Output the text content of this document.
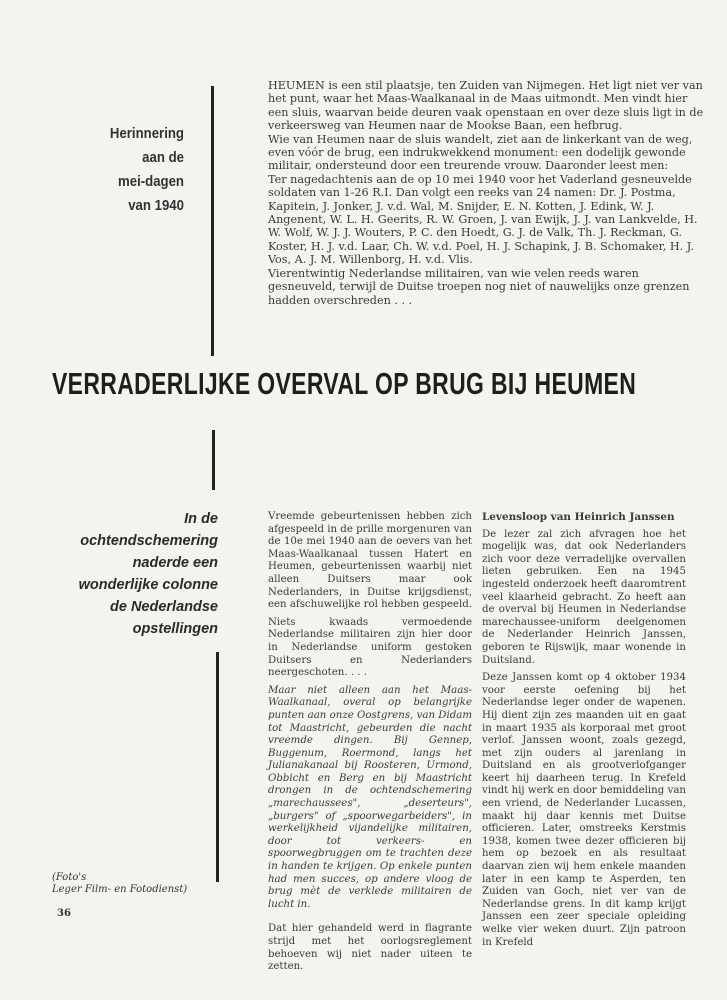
Herinnering
aan de
mei-dagen
van 1940

HEUMEN is een stil plaatsje, ten Zuiden van Nijmegen. Het ligt niet ver van het punt, waar het Maas-Waalkanaal in de Maas uitmondt. Men vindt hier een sluis, waarvan beide deuren vaak openstaan en over deze sluis ligt in de verkeersweg van Heumen naar de Mookse Baan, een hefbrug.

Wie van Heumen naar de sluis wandelt, ziet aan de linkerkant van de weg, even vóór de brug, een indrukwekkend monument: een dodelijk gewonde militair, ondersteund door een treurende vrouw. Daaronder leest men:

Ter nagedachtenis aan de op 10 mei 1940 voor het Vaderland gesneuvelde soldaten van 1-26 R.I. Dan volgt een reeks van 24 namen: Dr. J. Postma, Kapitein, J. Jonker, J. v.d. Wal, M. Snijder, E. N. Kotten, J. Edink, W. J. Angenent, W. L. H. Geerits, R. W. Groen, J. van Ewijk, J. J. van Lankvelde, H. W. Wolf, W. J. J. Wouters, P. C. den Hoedt, G. J. de Valk, Th. J. Reckman, G. Koster, H. J. v.d. Laar, Ch. W. v.d. Poel, H. J. Schapink, J. B. Schomaker, H. J. Vos, A. J. M. Willenborg, H. v.d. Vlis.

Vierentwintig Nederlandse militairen, van wie velen reeds waren gesneuveld, terwijl de Duitse troepen nog niet of nauwelijks onze grenzen hadden overschreden . . .

VERRADERLIJKE OVERVAL OP BRUG BIJ HEUMEN
In de
ochtendschemering
naderde een
wonderlijke colonne
de Nederlandse
opstellingen

Vreemde gebeurtenissen hebben zich afgespeeld in de prille morgenuren van de 10e mei 1940 aan de oevers van het Maas-Waalkanaal tussen Hatert en Heumen, gebeurtenissen waarbij niet alleen Duitsers maar ook Nederlanders, in Duitse krijgsdienst, een afschuwelijke rol hebben gespeeld.

Niets kwaads vermoedende Nederlandse militairen zijn hier door in Nederlandse uniform gestoken Duitsers en Nederlanders neergeschoten. . . .

Maar niet alleen aan het Maas-Waalkanaal, overal op belangrijke punten aan onze Oostgrens, van Didam tot Maastricht, gebeurden die nacht vreemde dingen. Bij Gennep, Buggenum, Roermond, langs het Julianakanaal bij Roosteren, Urmond, Obbicht en Berg en bij Maastricht drongen in de ochtendschemering „marechaussees", „deserteurs", „burgers" of „spoorwegarbeiders", in werkelijkheid vijandelijke militairen, door tot verkeers- en spoorwegbruggen om te trachten deze in handen te krijgen. Op enkele punten had men succes, op andere vloog de brug mèt de verklede militairen de lucht in.

Dat hier gehandeld werd in flagrante strijd met het oorlogsreglement behoeven wij niet nader uiteen te zetten.

Levensloop van Heinrich Janssen

De lezer zal zich afvragen hoe het mogelijk was, dat ook Nederlanders zich voor deze verradelijke overvallen lieten gebruiken. Een na 1945 ingesteld onderzoek heeft daaromtrent veel klaarheid gebracht. Zo heeft aan de overval bij Heumen in Nederlandse marechaussee-uniform deelgenomen de Nederlander Heinrich Janssen, geboren te Rijswijk, maar wonende in Duitsland.

Deze Janssen komt op 4 oktober 1934 voor eerste oefening bij het Nederlandse leger onder de wapenen. Hij dient zijn zes maanden uit en gaat in maart 1935 als korporaal met groot verlof. Janssen woont, zoals gezegd, met zijn ouders al jarenlang in Duitsland en als grootverlofganger keert hij daarheen terug. In Krefeld vindt hij werk en door bemiddeling van een vriend, de Nederlander Lucassen, maakt hij daar kennis met Duitse officieren. Later, omstreeks Kerstmis 1938, komen twee dezer officieren bij hem op bezoek en als resultaat daarvan zien wij hem enkele maanden later in een kamp te Asperden, ten Zuiden van Goch, niet ver van de Nederlandse grens. In dit kamp krijgt Janssen een zeer speciale opleiding welke vier weken duurt. Zijn patroon in Krefeld

(Foto's
Leger Film- en Fotodienst)
36
